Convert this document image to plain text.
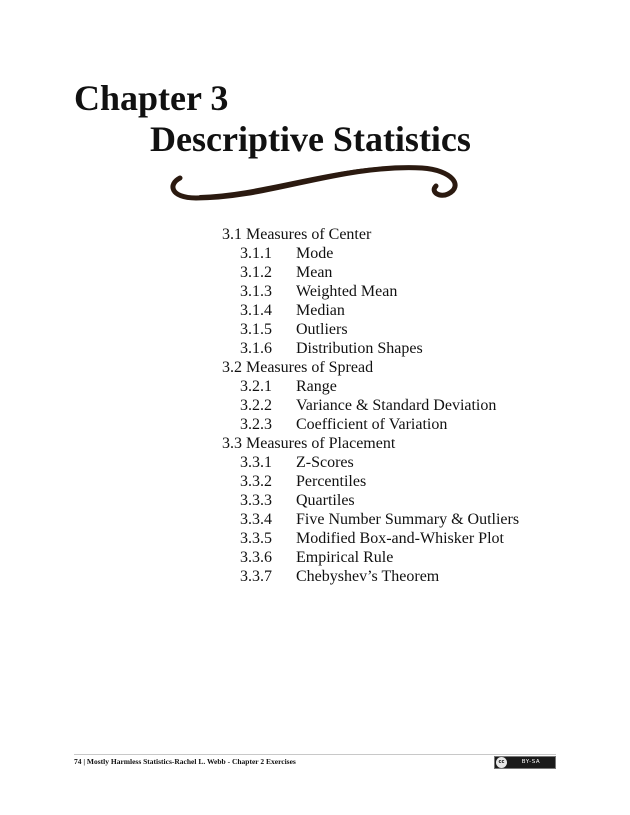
Chapter 3
Descriptive Statistics
3.1 Measures of Center
3.1.1 Mode
3.1.2 Mean
3.1.3 Weighted Mean
3.1.4 Median
3.1.5 Outliers
3.1.6 Distribution Shapes
3.2 Measures of Spread
3.2.1 Range
3.2.2 Variance & Standard Deviation
3.2.3 Coefficient of Variation
3.3 Measures of Placement
3.3.1 Z-Scores
3.3.2 Percentiles
3.3.3 Quartiles
3.3.4 Five Number Summary & Outliers
3.3.5 Modified Box-and-Whisker Plot
3.3.6 Empirical Rule
3.3.7 Chebyshev’s Theorem
74 | Mostly Harmless Statistics-Rachel L. Webb - Chapter 2 Exercises	cc	BY-SA
